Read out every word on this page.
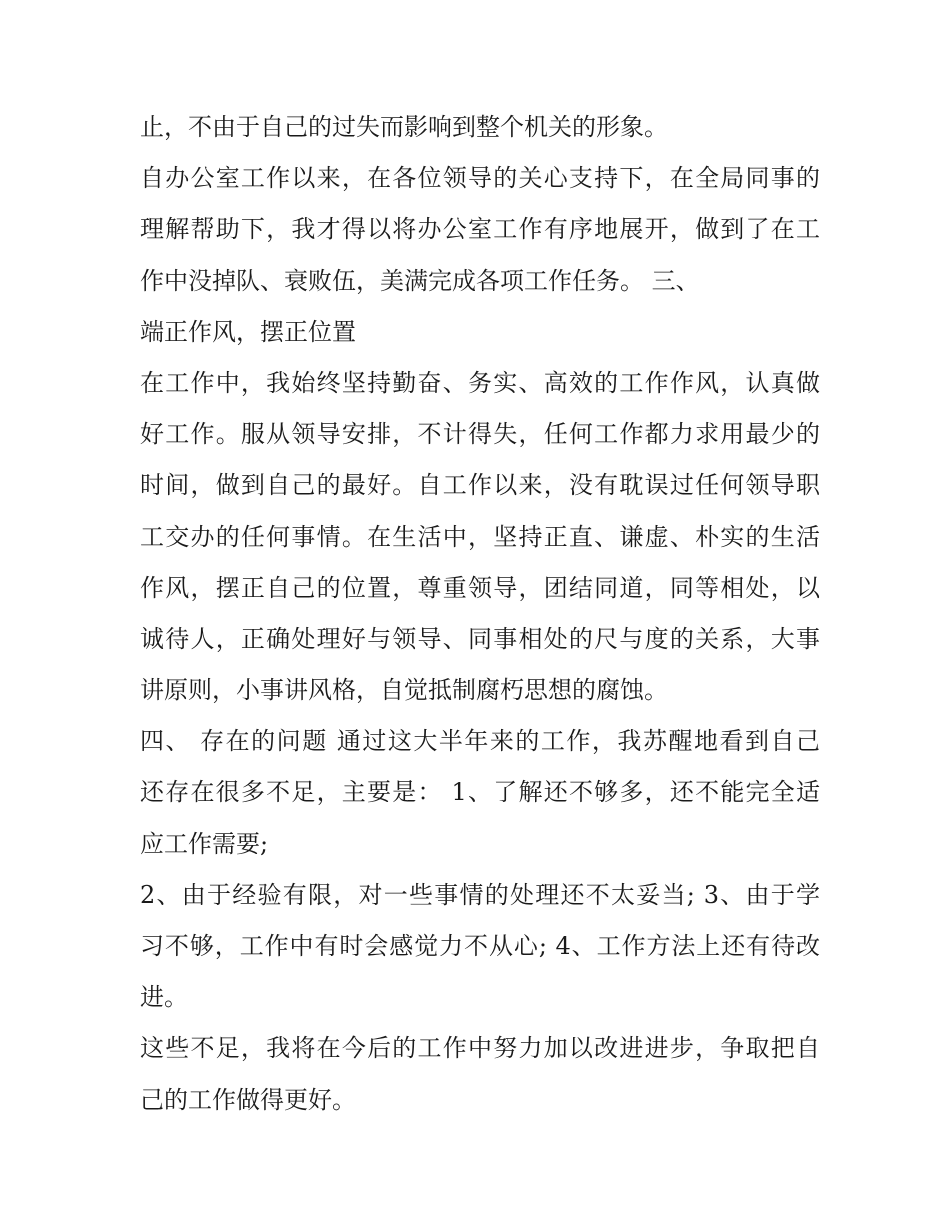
止，不由于自己的过失而影响到整个机关的形象。
自办公室工作以来，在各位领导的关心支持下，在全局同事的
理解帮助下，我才得以将办公室工作有序地展开，做到了在工
作中没掉队、衰败伍，美满完成各项工作任务。 三、
端正作风，摆正位置
在工作中，我始终坚持勤奋、务实、高效的工作作风，认真做
好工作。服从领导安排，不计得失，任何工作都力求用最少的
时间，做到自己的最好。自工作以来，没有耽误过任何领导职
工交办的任何事情。在生活中，坚持正直、谦虚、朴实的生活
作风，摆正自己的位置，尊重领导，团结同道，同等相处，以
诚待人，正确处理好与领导、同事相处的尺与度的关系，大事
讲原则，小事讲风格，自觉抵制腐朽思想的腐蚀。
四、 存在的问题 通过这大半年来的工作，我苏醒地看到自己
还存在很多不足，主要是： 1、了解还不够多，还不能完全适
应工作需要;
2、由于经验有限，对一些事情的处理还不太妥当; 3、由于学
习不够，工作中有时会感觉力不从心; 4、工作方法上还有待改
进。
这些不足，我将在今后的工作中努力加以改进进步，争取把自
己的工作做得更好。
